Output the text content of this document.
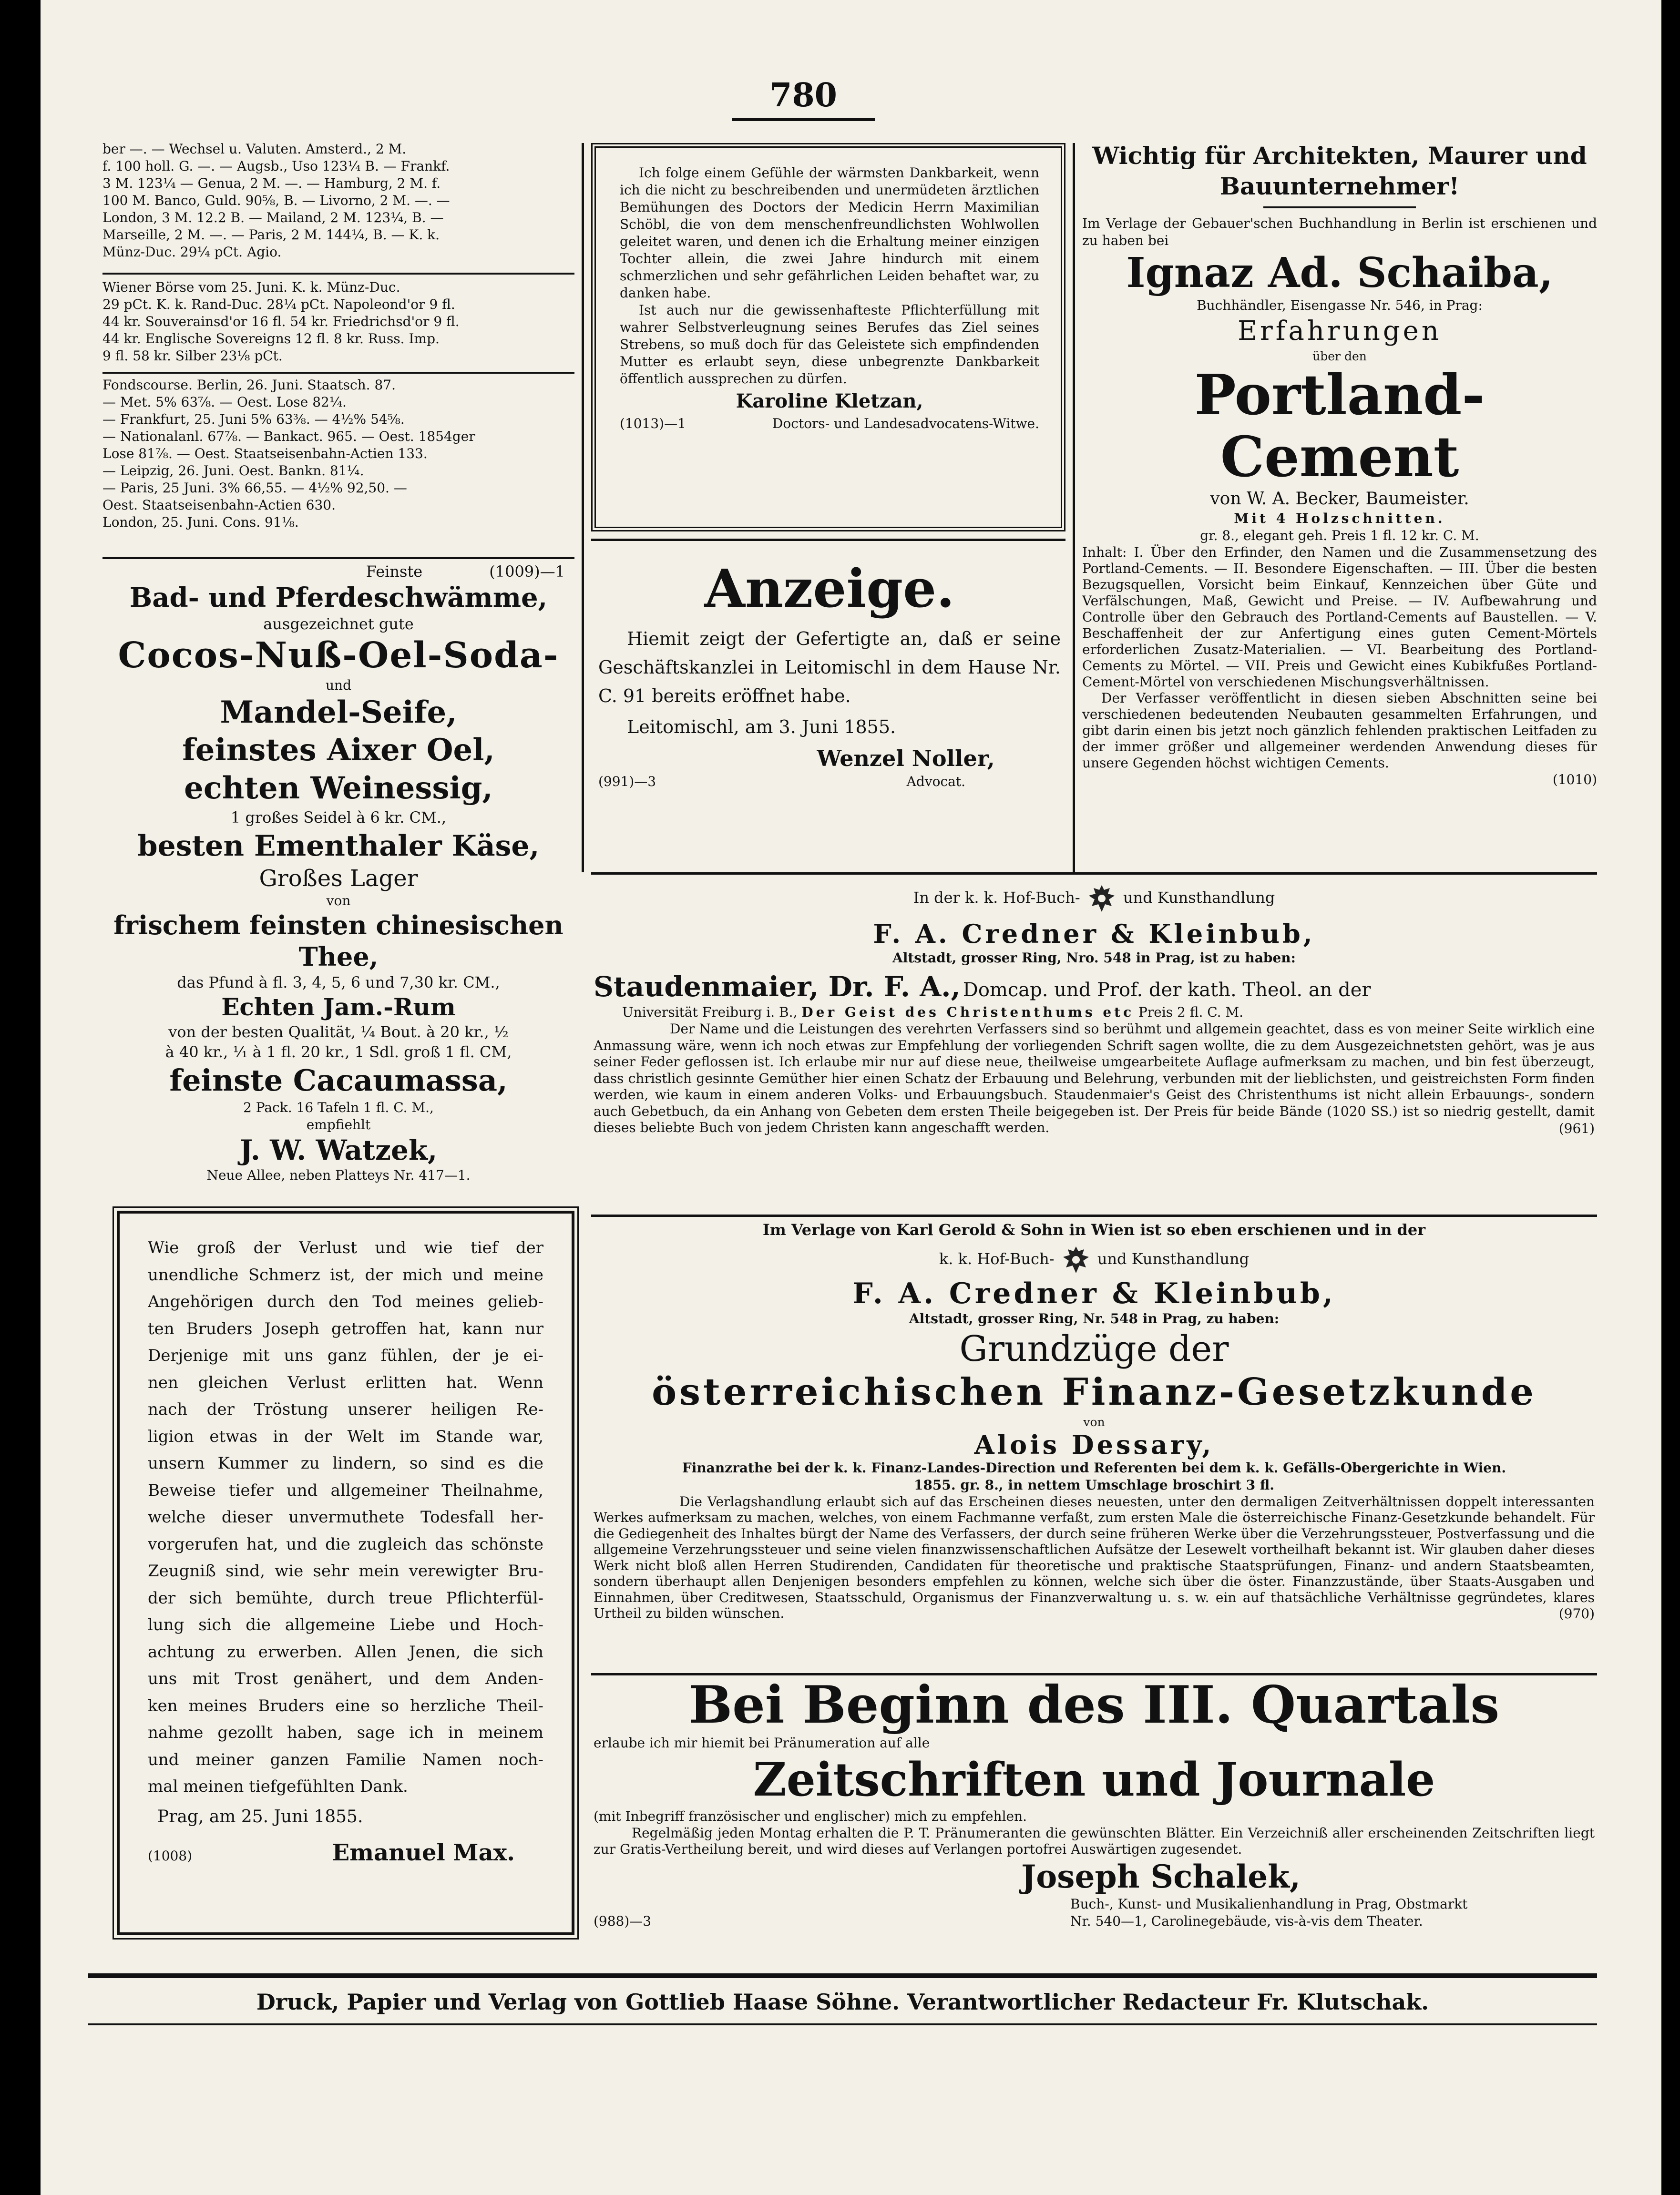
780
ber —. — Wechsel u. Valuten. Amsterd., 2 M.
f. 100 holl. G. —. — Augsb., Uso 123¼ B. — Frankf.
3 M. 123¼ — Genua, 2 M. —. — Hamburg, 2 M. f.
100 M. Banco, Guld. 90⅝, B. — Livorno, 2 M. —. —
London, 3 M. 12.2 B. — Mailand, 2 M. 123¼, B. —
Marseille, 2 M. —. — Paris, 2 M. 144¼, B. — K. k.
Münz-Duc. 29¼ pCt. Agio.
Wiener Börse vom 25. Juni. K. k. Münz-Duc.
29 pCt. K. k. Rand-Duc. 28¼ pCt. Napoleond'or 9 fl.
44 kr. Souverainsd'or 16 fl. 54 kr. Friedrichsd'or 9 fl.
44 kr. Englische Sovereigns 12 fl. 8 kr. Russ. Imp.
9 fl. 58 kr. Silber 23⅛ pCt.
Fondscourse. Berlin, 26. Juni. Staatsch. 87.
— Met. 5% 63⅞. — Oest. Lose 82¼.
— Frankfurt, 25. Juni 5% 63⅜. — 4½% 54⅝.
— Nationalanl. 67⅞. — Bankact. 965. — Oest. 1854ger
Lose 81⅞. — Oest. Staatseisenbahn-Actien 133.
— Leipzig, 26. Juni. Oest. Bankn. 81¼.
— Paris, 25 Juni. 3% 66,55. — 4½% 92,50. —
Oest. Staatseisenbahn-Actien 630.
London, 25. Juni. Cons. 91⅛.
Feinste	(1009)—1
Bad- und Pferdeschwämme,
ausgezeichnet gute
Cocos-Nuß-Oel-Soda-
und
Mandel-Seife,
feinstes Aixer Oel,
echten Weinessig,
1 großes Seidel à 6 kr. CM.,
besten Ementhaler Käse,
Großes Lager
von
frischem feinsten chinesischen Thee,
das Pfund à fl. 3, 4, 5, 6 und 7,30 kr. CM.,
Echten Jam.-Rum
von der besten Qualität, ¼ Bout. à 20 kr., ½
à 40 kr., ⅟₁ à 1 fl. 20 kr., 1 Sdl. groß 1 fl. CM,
feinste Cacaumassa,
2 Pack. 16 Tafeln 1 fl. C. M.,
empfiehlt
J. W. Watzek,
Neue Allee, neben Platteys Nr. 417—1.
Wie groß der Verlust und wie tief der
unendliche Schmerz ist, der mich und meine
Angehörigen durch den Tod meines gelieb-
ten Bruders Joseph getroffen hat, kann nur
Derjenige mit uns ganz fühlen, der je ei-
nen gleichen Verlust erlitten hat. Wenn
nach der Tröstung unserer heiligen Re-
ligion etwas in der Welt im Stande war,
unsern Kummer zu lindern, so sind es die
Beweise tiefer und allgemeiner Theilnahme,
welche dieser unvermuthete Todesfall her-
vorgerufen hat, und die zugleich das schönste
Zeugniß sind, wie sehr mein verewigter Bru-
der sich bemühte, durch treue Pflichterfül-
lung sich die allgemeine Liebe und Hoch-
achtung zu erwerben. Allen Jenen, die sich
uns mit Trost genähert, und dem Anden-
ken meines Bruders eine so herzliche Theil-
nahme gezollt haben, sage ich in meinem
und meiner ganzen Familie Namen noch-
mal meinen tiefgefühlten Dank.
Prag, am 25. Juni 1855.
(1008)	Emanuel Max.

Ich folge einem Gefühle der wärmsten Dankbarkeit, wenn ich die nicht zu beschreibenden und unermüdeten ärztlichen Bemühungen des Doctors der Medicin Herrn Maximilian Schöbl, die von dem menschenfreundlichsten Wohlwollen geleitet waren, und denen ich die Erhaltung meiner einzigen Tochter allein, die zwei Jahre hindurch mit einem schmerzlichen und sehr gefährlichen Leiden behaftet war, zu danken habe.

Ist auch nur die gewissenhafteste Pflichterfüllung mit wahrer Selbstverleugnung seines Berufes das Ziel seines Strebens, so muß doch für das Geleistete sich empfindenden Mutter es erlaubt seyn, diese unbegrenzte Dankbarkeit öffentlich aussprechen zu dürfen.

Karoline Kletzan,
(1013)—1	Doctors- und Landesadvocatens-Witwe.
Anzeige.

Hiemit zeigt der Gefertigte an, daß er seine Geschäftskanzlei in Leitomischl in dem Hause Nr. C. 91 bereits eröffnet habe.

Leitomischl, am 3. Juni 1855.
Wenzel Noller,
(991)—3	Advocat.
Wichtig für Architekten, Maurer und
Bauunternehmer!
Im Verlage der Gebauer'schen Buchhandlung in Berlin ist erschienen und zu haben bei
Ignaz Ad. Schaiba,
Buchhändler, Eisengasse Nr. 546, in Prag:
Erfahrungen
über den
Portland-Cement
von W. A. Becker, Baumeister.
Mit 4 Holzschnitten.
gr. 8., elegant geh. Preis 1 fl. 12 kr. C. M.

Inhalt: I. Über den Erfinder, den Namen und die Zusammensetzung des Portland-Cements. — II. Besondere Eigenschaften. — III. Über die besten Bezugsquellen, Vorsicht beim Einkauf, Kennzeichen über Güte und Verfälschungen, Maß, Gewicht und Preise. — IV. Aufbewahrung und Controlle über den Gebrauch des Portland-Cements auf Baustellen. — V. Beschaffenheit der zur Anfertigung eines guten Cement-Mörtels erforderlichen Zusatz-Materialien. — VI. Bearbeitung des Portland-Cements zu Mörtel. — VII. Preis und Gewicht eines Kubikfußes Portland-Cement-Mörtel von verschiedenen Mischungsverhältnissen.

Der Verfasser veröffentlicht in diesen sieben Abschnitten seine bei verschiedenen bedeutenden Neubauten gesammelten Erfahrungen, und gibt darin einen bis jetzt noch gänzlich fehlenden praktischen Leitfaden zu der immer größer und allgemeiner werdenden Anwendung dieses für unsere Gegenden höchst wichtigen Cements.

(1010)
In der k. k. Hof-Buch-	und Kunsthandlung
F. A. Credner & Kleinbub,
Altstadt, grosser Ring, Nro. 548 in Prag, ist zu haben:
Staudenmaier, Dr. F. A., Domcap. und Prof. der kath. Theol. an der
Universität Freiburg i. B., Der Geist des Christenthums etc Preis 2 fl. C. M.

Der Name und die Leistungen des verehrten Verfassers sind so berühmt und allgemein geachtet, dass es von meiner Seite wirklich eine Anmassung wäre, wenn ich noch etwas zur Empfehlung der vorliegenden Schrift sagen wollte, die zu dem Ausgezeichnetsten gehört, was je aus seiner Feder geflossen ist. Ich erlaube mir nur auf diese neue, theilweise umgearbeitete Auflage aufmerksam zu machen, und bin fest überzeugt, dass christlich gesinnte Gemüther hier einen Schatz der Erbauung und Belehrung, verbunden mit der lieblichsten, und geistreichsten Form finden werden, wie kaum in einem anderen Volks- und Erbauungsbuch. Staudenmaier's Geist des Christenthums ist nicht allein Erbauungs-, sondern auch Gebetbuch, da ein Anhang von Gebeten dem ersten Theile beigegeben ist. Der Preis für beide Bände (1020 SS.) ist so niedrig gestellt, damit dieses beliebte Buch von jedem Christen kann angeschafft werden.	(961)
Im Verlage von Karl Gerold & Sohn in Wien ist so eben erschienen und in der
k. k. Hof-Buch-	und Kunsthandlung
F. A. Credner & Kleinbub,
Altstadt, grosser Ring, Nr. 548 in Prag, zu haben:
Grundzüge der
österreichischen Finanz-Gesetzkunde
von
Alois Dessary,
Finanzrathe bei der k. k. Finanz-Landes-Direction und Referenten bei dem k. k. Gefälls-Obergerichte in Wien.
1855. gr. 8., in nettem Umschlage broschirt 3 fl.

Die Verlagshandlung erlaubt sich auf das Erscheinen dieses neuesten, unter den dermaligen Zeitverhältnissen doppelt interessanten Werkes aufmerksam zu machen, welches, von einem Fachmanne verfaßt, zum ersten Male die österreichische Finanz-Gesetzkunde behandelt. Für die Gediegenheit des Inhaltes bürgt der Name des Verfassers, der durch seine früheren Werke über die Verzehrungssteuer, Postverfassung und die allgemeine Verzehrungssteuer und seine vielen finanzwissenschaftlichen Aufsätze der Lesewelt vortheilhaft bekannt ist. Wir glauben daher dieses Werk nicht bloß allen Herren Studirenden, Candidaten für theoretische und praktische Staatsprüfungen, Finanz- und andern Staatsbeamten, sondern überhaupt allen Denjenigen besonders empfehlen zu können, welche sich über die öster. Finanzzustände, über Staats-Ausgaben und Einnahmen, über Creditwesen, Staatsschuld, Organismus der Finanzverwaltung u. s. w. ein auf thatsächliche Verhältnisse gegründetes, klares Urtheil zu bilden wünschen.	(970)
Bei Beginn des III. Quartals
erlaube ich mir hiemit bei Pränumeration auf alle
Zeitschriften und Journale
(mit Inbegriff französischer und englischer) mich zu empfehlen.

Regelmäßig jeden Montag erhalten die P. T. Pränumeranten die gewünschten Blätter. Ein Verzeichniß aller erscheinenden Zeitschriften liegt zur Gratis-Vertheilung bereit, und wird dieses auf Verlangen portofrei Auswärtigen zugesendet.

Joseph Schalek,
(988)—3
Buch-, Kunst- und Musikalienhandlung in Prag, Obstmarkt
Nr. 540—1, Carolinegebäude, vis-à-vis dem Theater.
Druck, Papier und Verlag von Gottlieb Haase Söhne. Verantwortlicher Redacteur Fr. Klutschak.
